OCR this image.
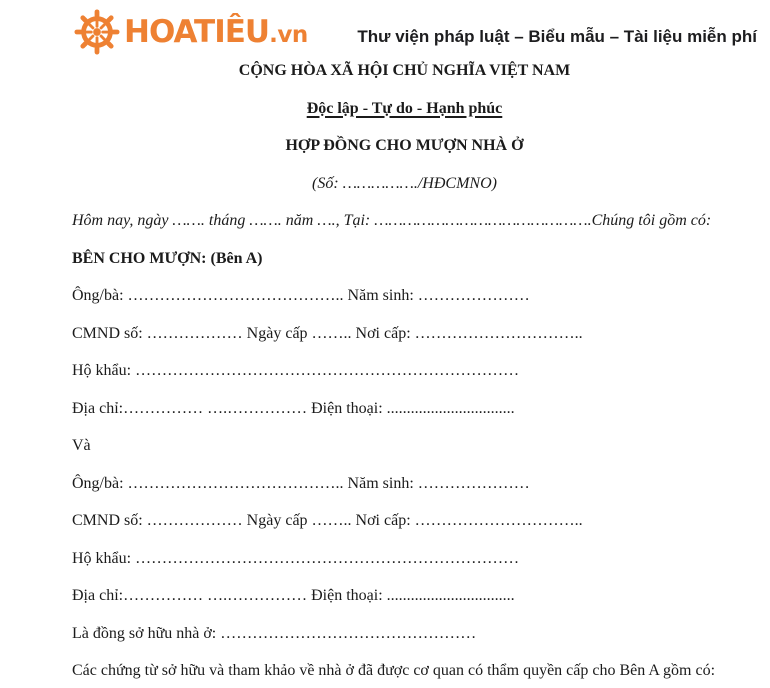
HOATIÊU.vn	Thư viện pháp luật – Biểu mẫu – Tài liệu miễn phí

CỘNG HÒA XÃ HỘI CHỦ NGHĨA VIỆT NAM

Độc lập - Tự do - Hạnh phúc

HỢP ĐỒNG CHO MƯỢN NHÀ Ở

(Số: ……………./HĐCMNO)

Hôm nay, ngày ……. tháng ……. năm …., Tại: ……………………………………….Chúng tôi gồm có:

BÊN CHO MƯỢN: (Bên A)

Ông/bà: ………………………………….. Năm sinh: …………………

CMND số: ……………… Ngày cấp …….. Nơi cấp: …………………………..

Hộ khẩu: ………………………………………………………………

Địa chỉ:…………… ….…………… Điện thoại: ................................

Và

Ông/bà: ………………………………….. Năm sinh: …………………

CMND số: ……………… Ngày cấp …….. Nơi cấp: …………………………..

Hộ khẩu: ………………………………………………………………

Địa chỉ:…………… ….…………… Điện thoại: ................................

Là đồng sở hữu nhà ở: …………………………………………

Các chứng từ sở hữu và tham khảo về nhà ở đã được cơ quan có thẩm quyền cấp cho Bên A gồm có:
